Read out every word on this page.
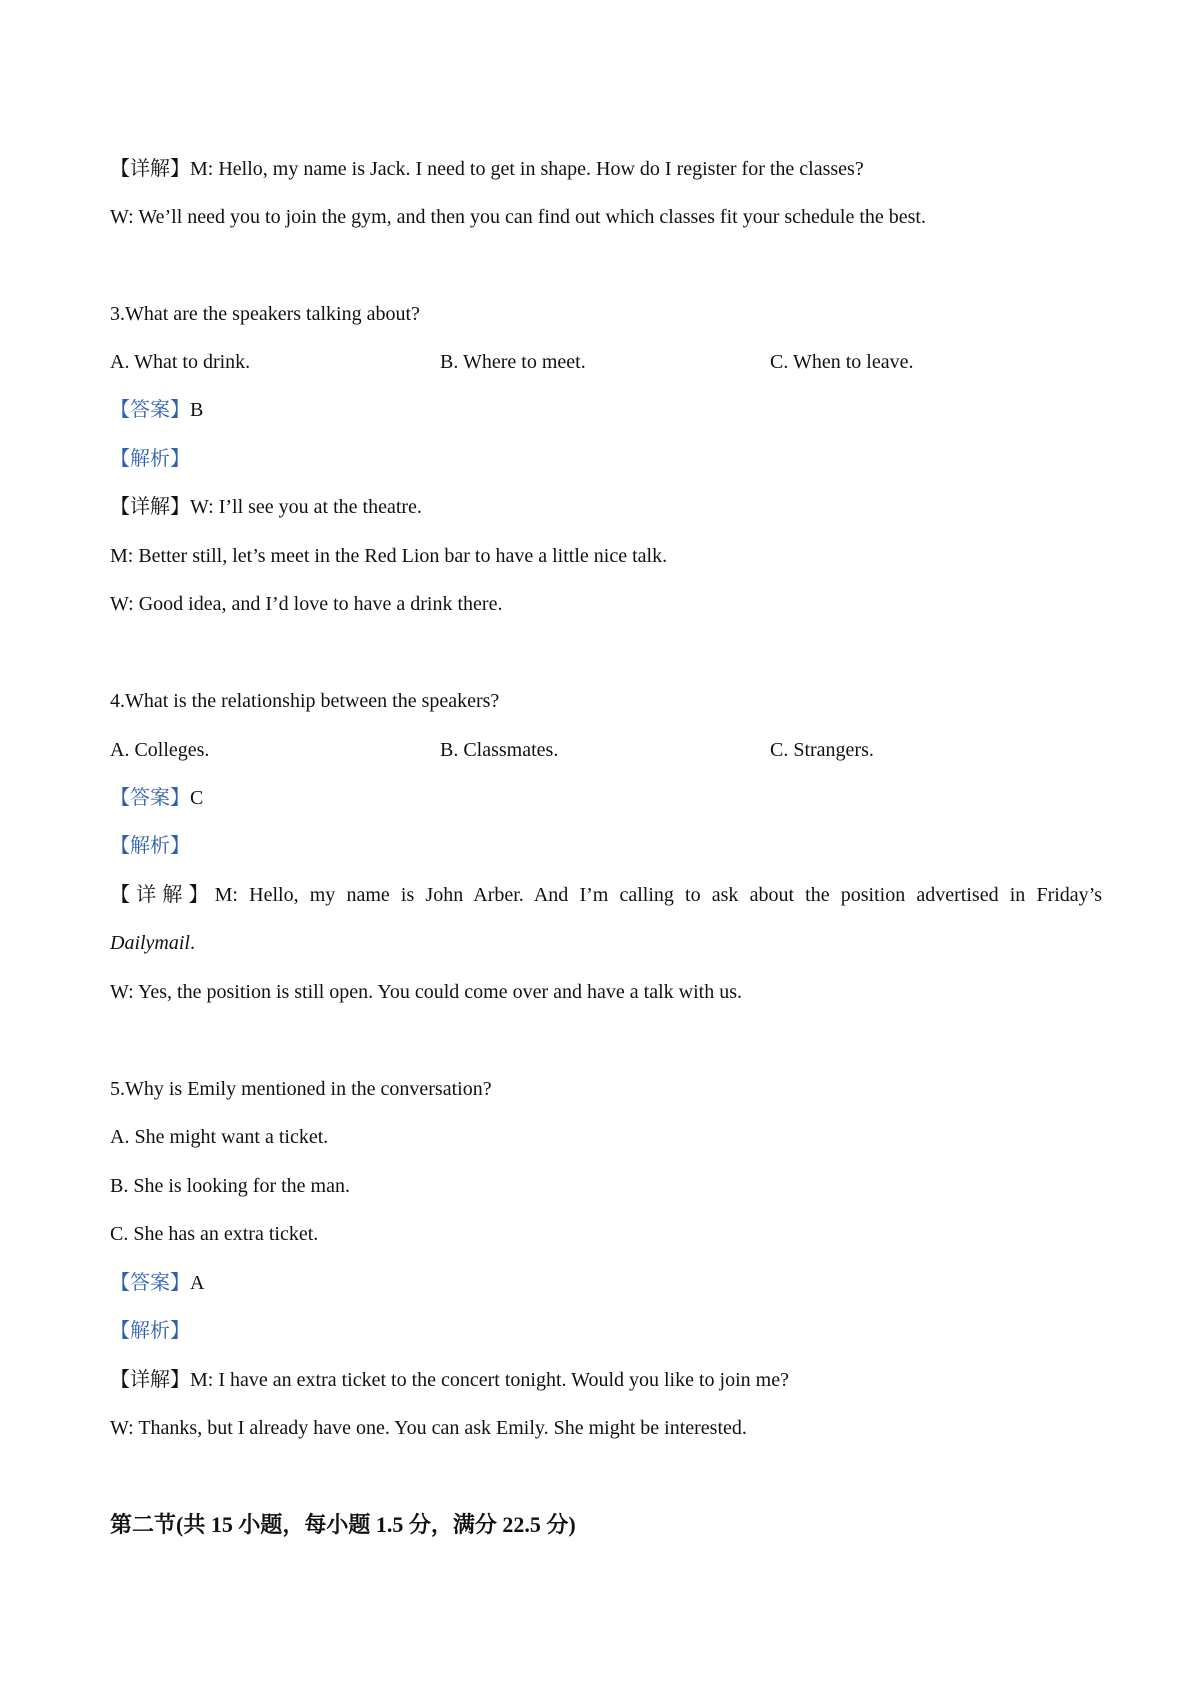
【详解】M: Hello, my name is Jack. I need to get in shape. How do I register for the classes?
W: We’ll need you to join the gym, and then you can find out which classes fit your schedule the best.
3.What are the speakers talking about?
A. What to drink.	B. Where to meet.	C. When to leave.
【答案】B
【解析】
【详解】W: I’ll see you at the theatre.
M: Better still, let’s meet in the Red Lion bar to have a little nice talk.
W: Good idea, and I’d love to have a drink there.
4.What is the relationship between the speakers?
A. Colleges.	B. Classmates.	C. Strangers.
【答案】C
【解析】
【详解】M: Hello, my name is John Arber. And I’m calling to ask about the position advertised in Friday’s
Dailymail.
W: Yes, the position is still open. You could come over and have a talk with us.
5.Why is Emily mentioned in the conversation?
A. She might want a ticket.
B. She is looking for the man.
C. She has an extra ticket.
【答案】A
【解析】
【详解】M: I have an extra ticket to the concert tonight. Would you like to join me?
W: Thanks, but I already have one. You can ask Emily. She might be interested.
第二节(共 15 小题，每小题 1.5 分，满分 22.5 分)
